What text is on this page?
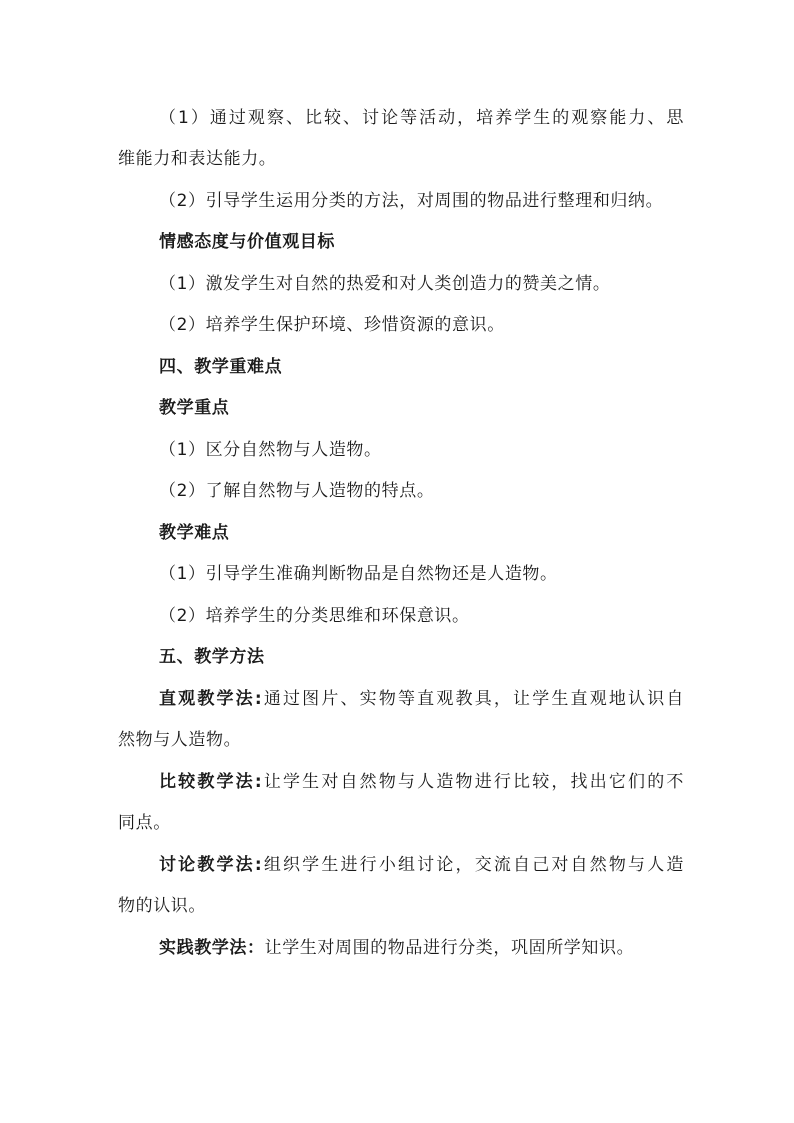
（1）通过观察、比较、讨论等活动，培养学生的观察能力、思
维能力和表达能力。
（2）引导学生运用分类的方法，对周围的物品进行整理和归纳。
情感态度与价值观目标
（1）激发学生对自然的热爱和对人类创造力的赞美之情。
（2）培养学生保护环境、珍惜资源的意识。
四、教学重难点
教学重点
（1）区分自然物与人造物。
（2）了解自然物与人造物的特点。
教学难点
（1）引导学生准确判断物品是自然物还是人造物。
（2）培养学生的分类思维和环保意识。
五、教学方法
直观教学法:通过图片、实物等直观教具，让学生直观地认识自
然物与人造物。
比较教学法:让学生对自然物与人造物进行比较，找出它们的不
同点。
讨论教学法:组织学生进行小组讨论，交流自己对自然物与人造
物的认识。
实践教学法：让学生对周围的物品进行分类，巩固所学知识。
